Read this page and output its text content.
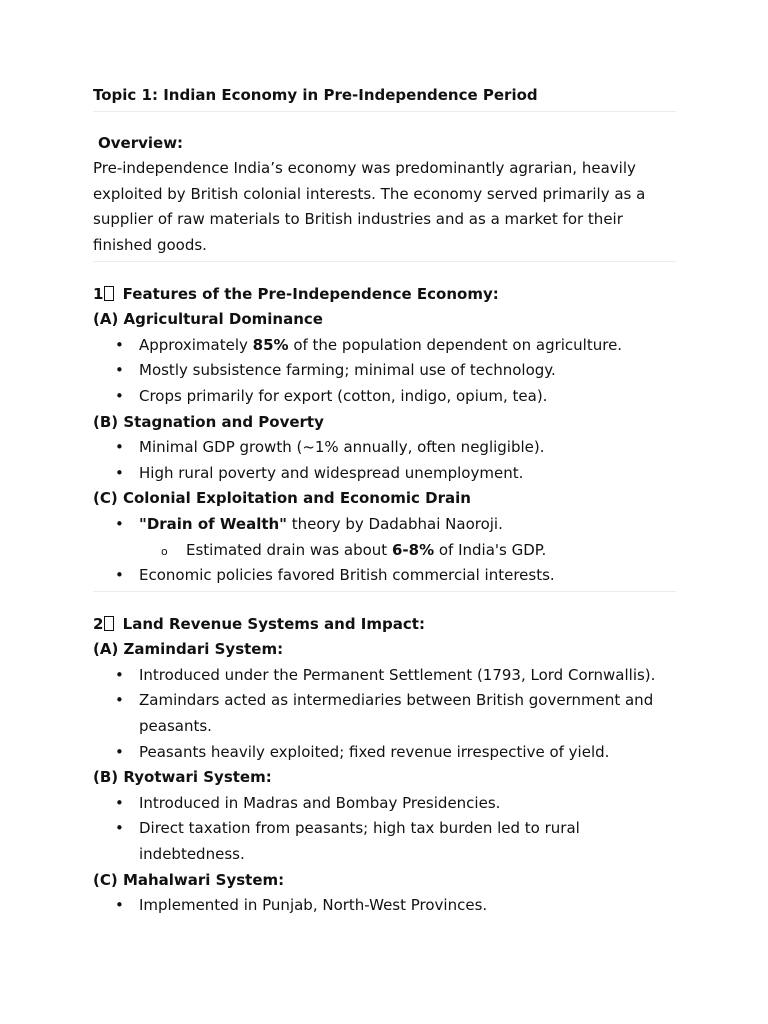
Topic 1: Indian Economy in Pre-Independence Period

Overview:

Pre-independence India’s economy was predominantly agrarian, heavily exploited by British colonial interests. The economy served primarily as a supplier of raw materials to British industries and as a market for their finished goods.

1 Features of the Pre-Independence Economy:

(A) Agricultural Dominance

• Approximately 85% of the population dependent on agriculture.
• Mostly subsistence farming; minimal use of technology.
• Crops primarily for export (cotton, indigo, opium, tea).

(B) Stagnation and Poverty

• Minimal GDP growth (~1% annually, often negligible).
• High rural poverty and widespread unemployment.

(C) Colonial Exploitation and Economic Drain

• "Drain of Wealth" theory by Dadabhai Naoroji.
o Estimated drain was about 6-8% of India's GDP.
• Economic policies favored British commercial interests.

2 Land Revenue Systems and Impact:

(A) Zamindari System:

• Introduced under the Permanent Settlement (1793, Lord Cornwallis).
• Zamindars acted as intermediaries between British government and peasants.
• Peasants heavily exploited; fixed revenue irrespective of yield.

(B) Ryotwari System:

• Introduced in Madras and Bombay Presidencies.
• Direct taxation from peasants; high tax burden led to rural indebtedness.

(C) Mahalwari System:

• Implemented in Punjab, North-West Provinces.
